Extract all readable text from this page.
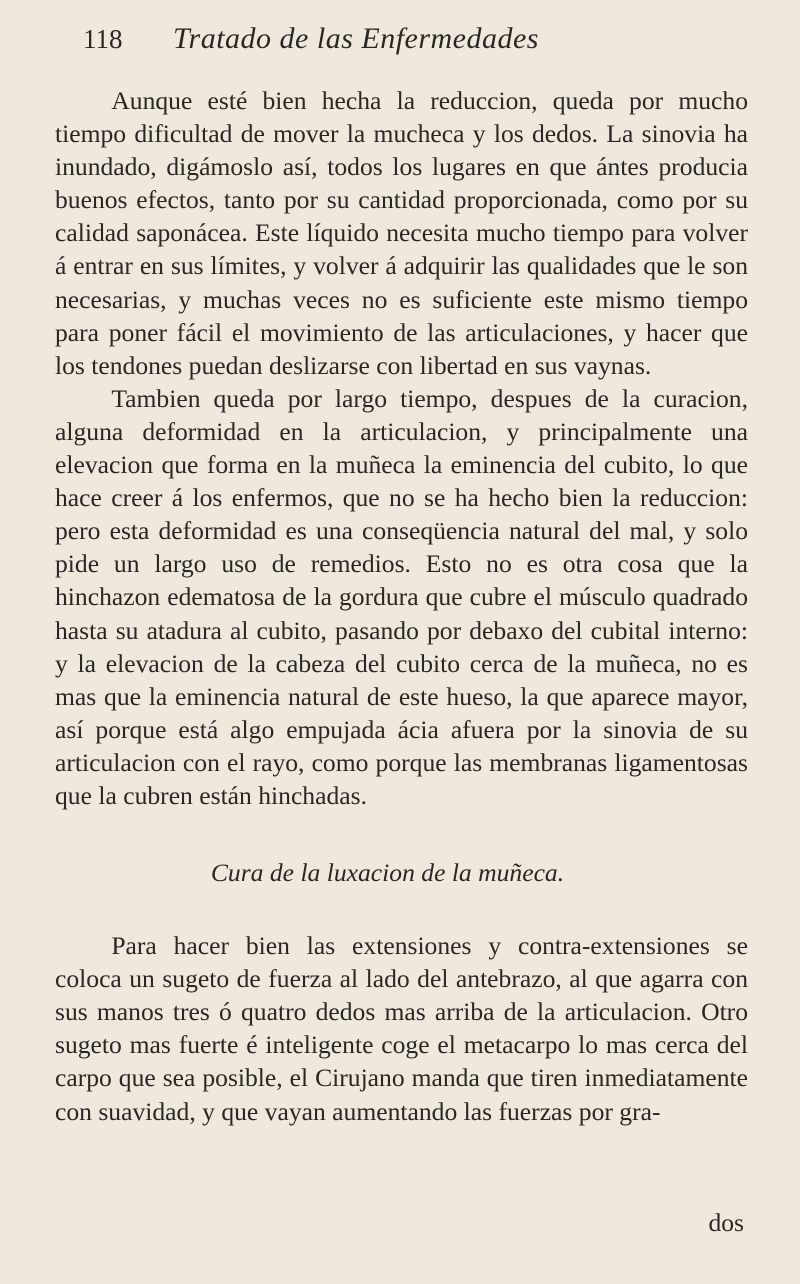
118	Tratado de las Enfermedades

Aunque esté bien hecha la reduccion, queda por mucho tiempo dificultad de mover la mucheca y los dedos. La sinovia ha inundado, digámoslo así, todos los lugares en que ántes producia buenos efectos, tanto por su cantidad proporcionada, como por su calidad saponácea. Este líquido necesita mucho tiempo para volver á entrar en sus límites, y volver á adquirir las qualidades que le son necesarias, y muchas veces no es suficiente este mismo tiempo para poner fácil el movimiento de las articulaciones, y hacer que los tendones puedan deslizarse con libertad en sus vaynas.

Tambien queda por largo tiempo, despues de la curacion, alguna deformidad en la articulacion, y principalmente una elevacion que forma en la muñeca la eminencia del cubito, lo que hace creer á los enfermos, que no se ha hecho bien la reduccion: pero esta deformidad es una conseqüencia natural del mal, y solo pide un largo uso de remedios. Esto no es otra cosa que la hinchazon edematosa de la gordura que cubre el músculo quadrado hasta su atadura al cubito, pasando por debaxo del cubital interno: y la elevacion de la cabeza del cubito cerca de la muñeca, no es mas que la eminencia natural de este hueso, la que aparece mayor, así porque está algo empujada ácia afuera por la sinovia de su articulacion con el rayo, como porque las membranas ligamentosas que la cubren están hinchadas.

Cura de la luxacion de la muñeca.

Para hacer bien las extensiones y contra-extensiones se coloca un sugeto de fuerza al lado del antebrazo, al que agarra con sus manos tres ó quatro dedos mas arriba de la articulacion. Otro sugeto mas fuerte é inteligente coge el metacarpo lo mas cerca del carpo que sea posible, el Cirujano manda que tiren inmediatamente con suavidad, y que vayan aumentando las fuerzas por gra-

dos
